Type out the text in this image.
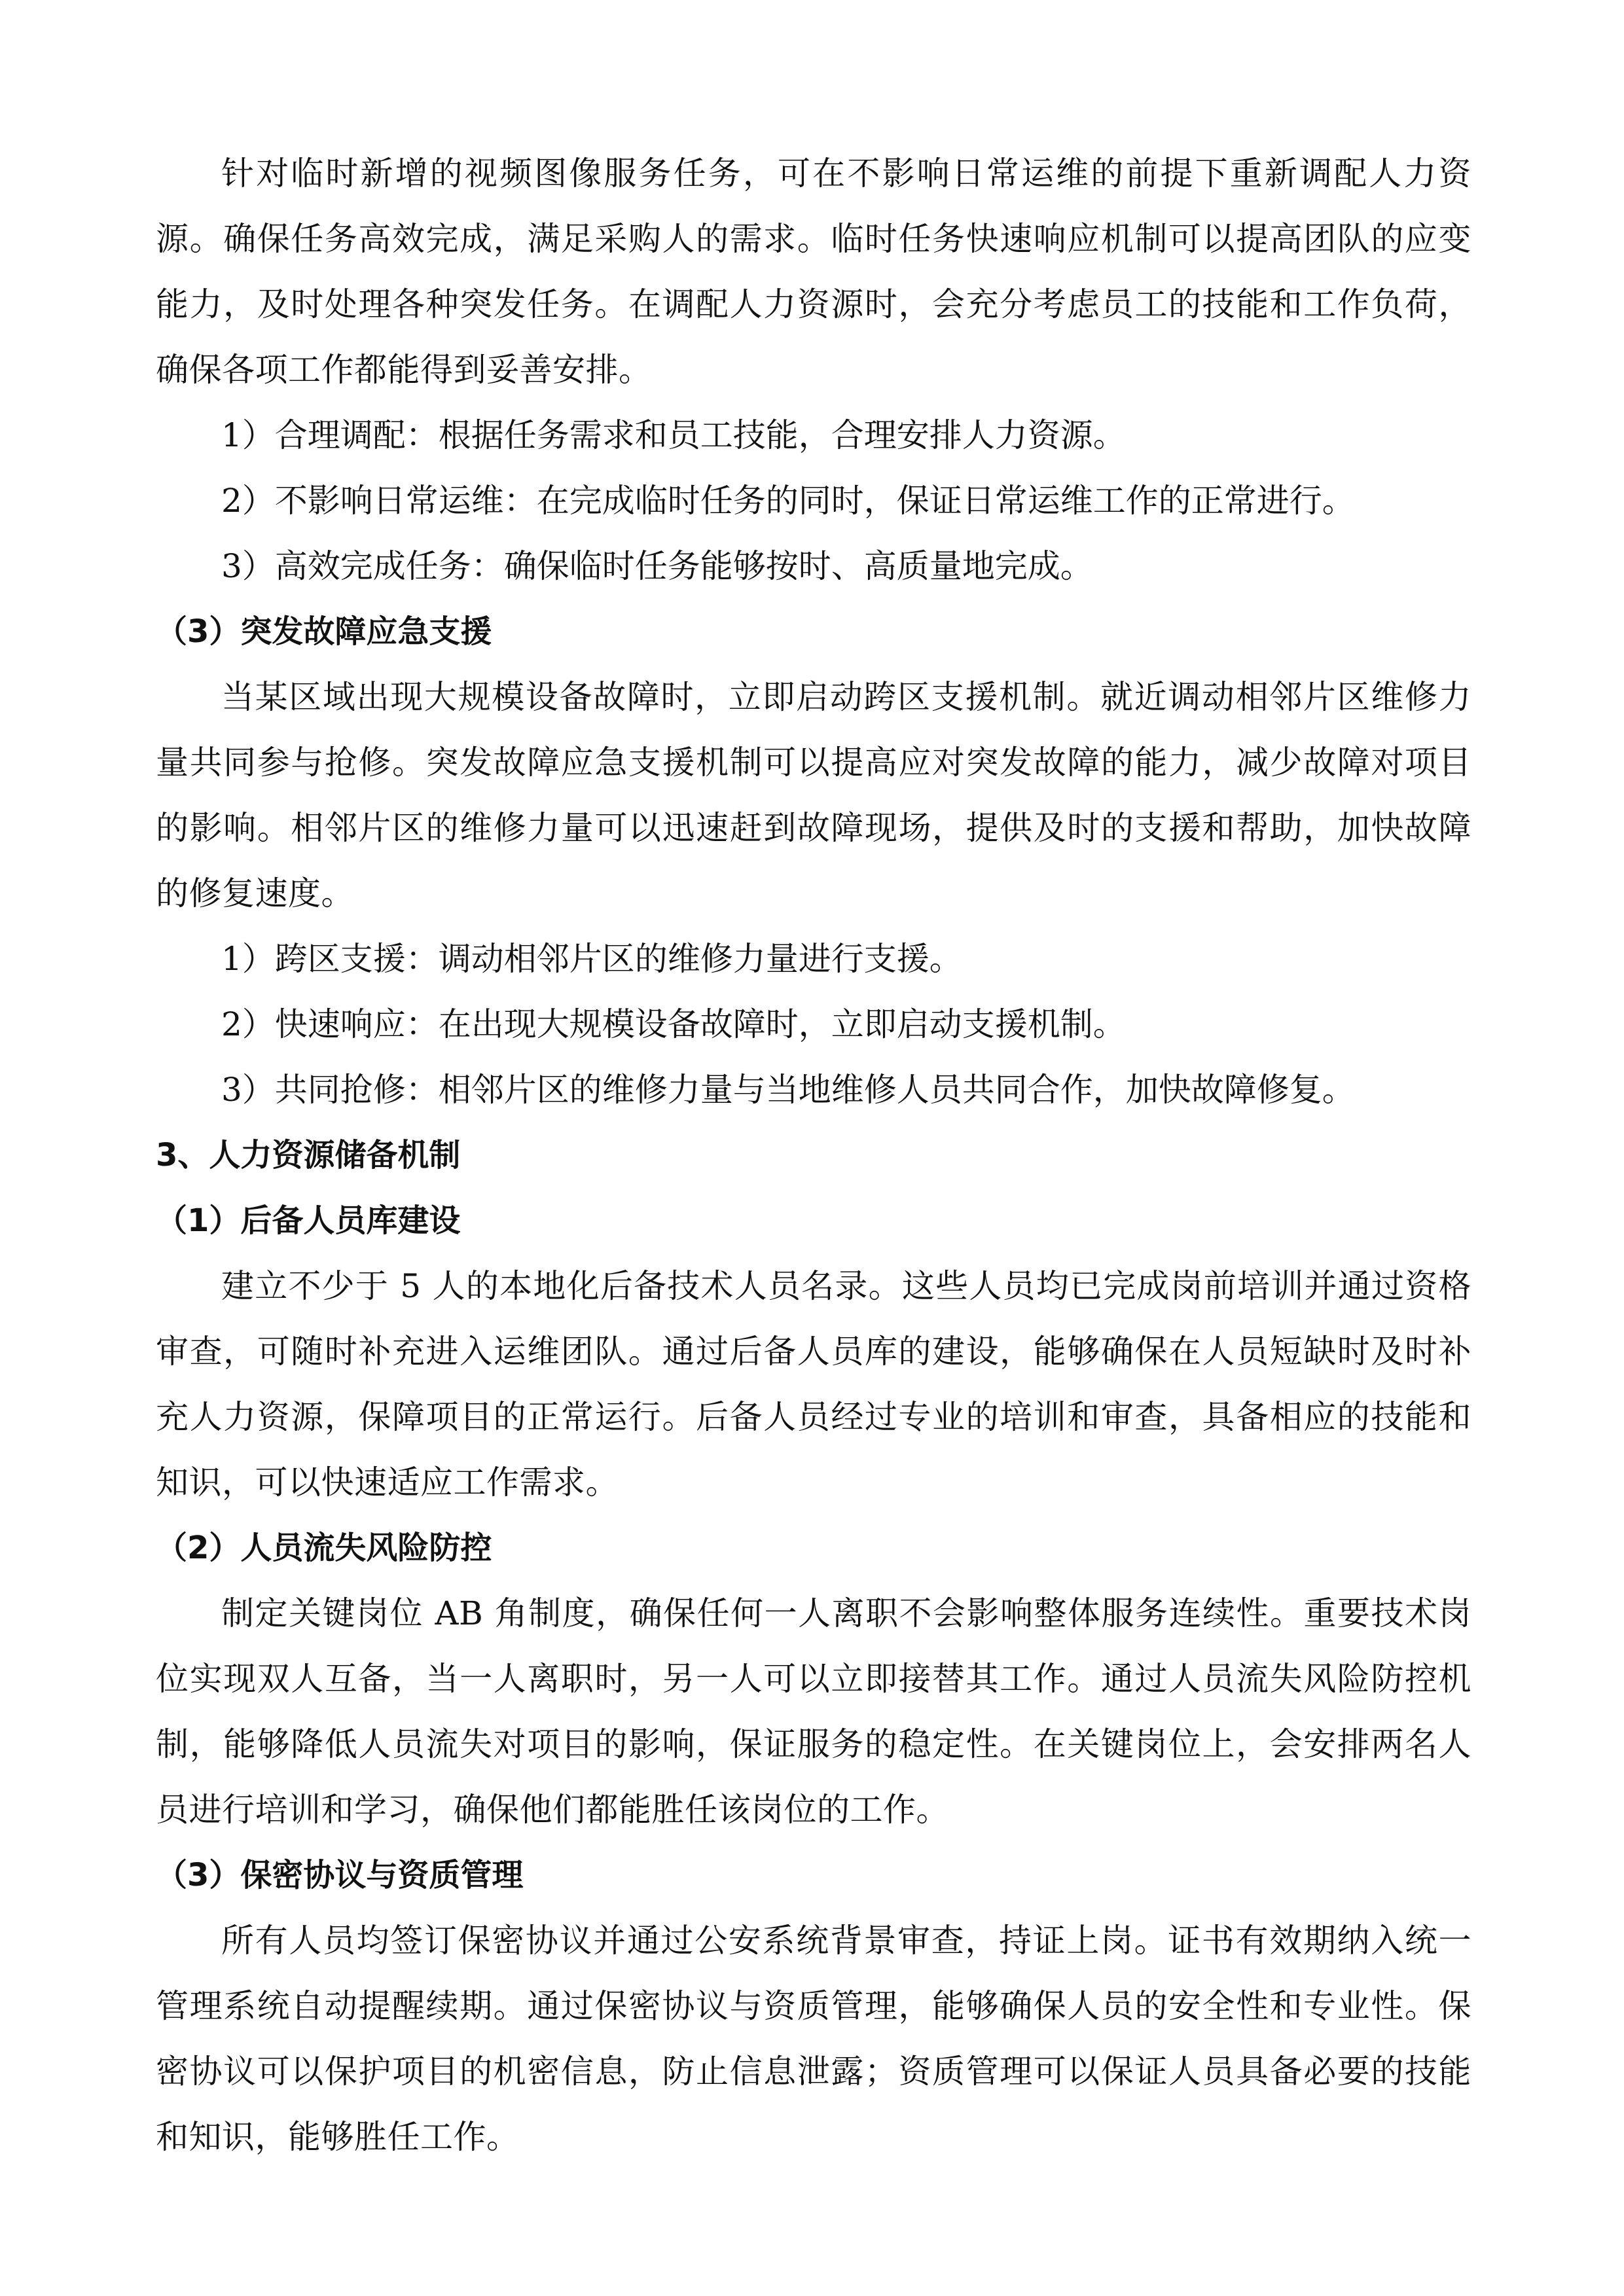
针对临时新增的视频图像服务任务，可在不影响日常运维的前提下重新调配人力资源。确保任务高效完成，满足采购人的需求。临时任务快速响应机制可以提高团队的应变能力，及时处理各种突发任务。在调配人力资源时，会充分考虑员工的技能和工作负荷，确保各项工作都能得到妥善安排。

1）合理调配：根据任务需求和员工技能，合理安排人力资源。

2）不影响日常运维：在完成临时任务的同时，保证日常运维工作的正常进行。

3）高效完成任务：确保临时任务能够按时、高质量地完成。

（3）突发故障应急支援

当某区域出现大规模设备故障时，立即启动跨区支援机制。就近调动相邻片区维修力量共同参与抢修。突发故障应急支援机制可以提高应对突发故障的能力，减少故障对项目的影响。相邻片区的维修力量可以迅速赶到故障现场，提供及时的支援和帮助，加快故障的修复速度。

1）跨区支援：调动相邻片区的维修力量进行支援。

2）快速响应：在出现大规模设备故障时，立即启动支援机制。

3）共同抢修：相邻片区的维修力量与当地维修人员共同合作，加快故障修复。

3、人力资源储备机制

（1）后备人员库建设

建立不少于 5 人的本地化后备技术人员名录。这些人员均已完成岗前培训并通过资格审查，可随时补充进入运维团队。通过后备人员库的建设，能够确保在人员短缺时及时补充人力资源，保障项目的正常运行。后备人员经过专业的培训和审查，具备相应的技能和知识，可以快速适应工作需求。

（2）人员流失风险防控

制定关键岗位 AB 角制度，确保任何一人离职不会影响整体服务连续性。重要技术岗位实现双人互备，当一人离职时，另一人可以立即接替其工作。通过人员流失风险防控机制，能够降低人员流失对项目的影响，保证服务的稳定性。在关键岗位上，会安排两名人员进行培训和学习，确保他们都能胜任该岗位的工作。

（3）保密协议与资质管理

所有人员均签订保密协议并通过公安系统背景审查，持证上岗。证书有效期纳入统一管理系统自动提醒续期。通过保密协议与资质管理，能够确保人员的安全性和专业性。保密协议可以保护项目的机密信息，防止信息泄露；资质管理可以保证人员具备必要的技能和知识，能够胜任工作。
